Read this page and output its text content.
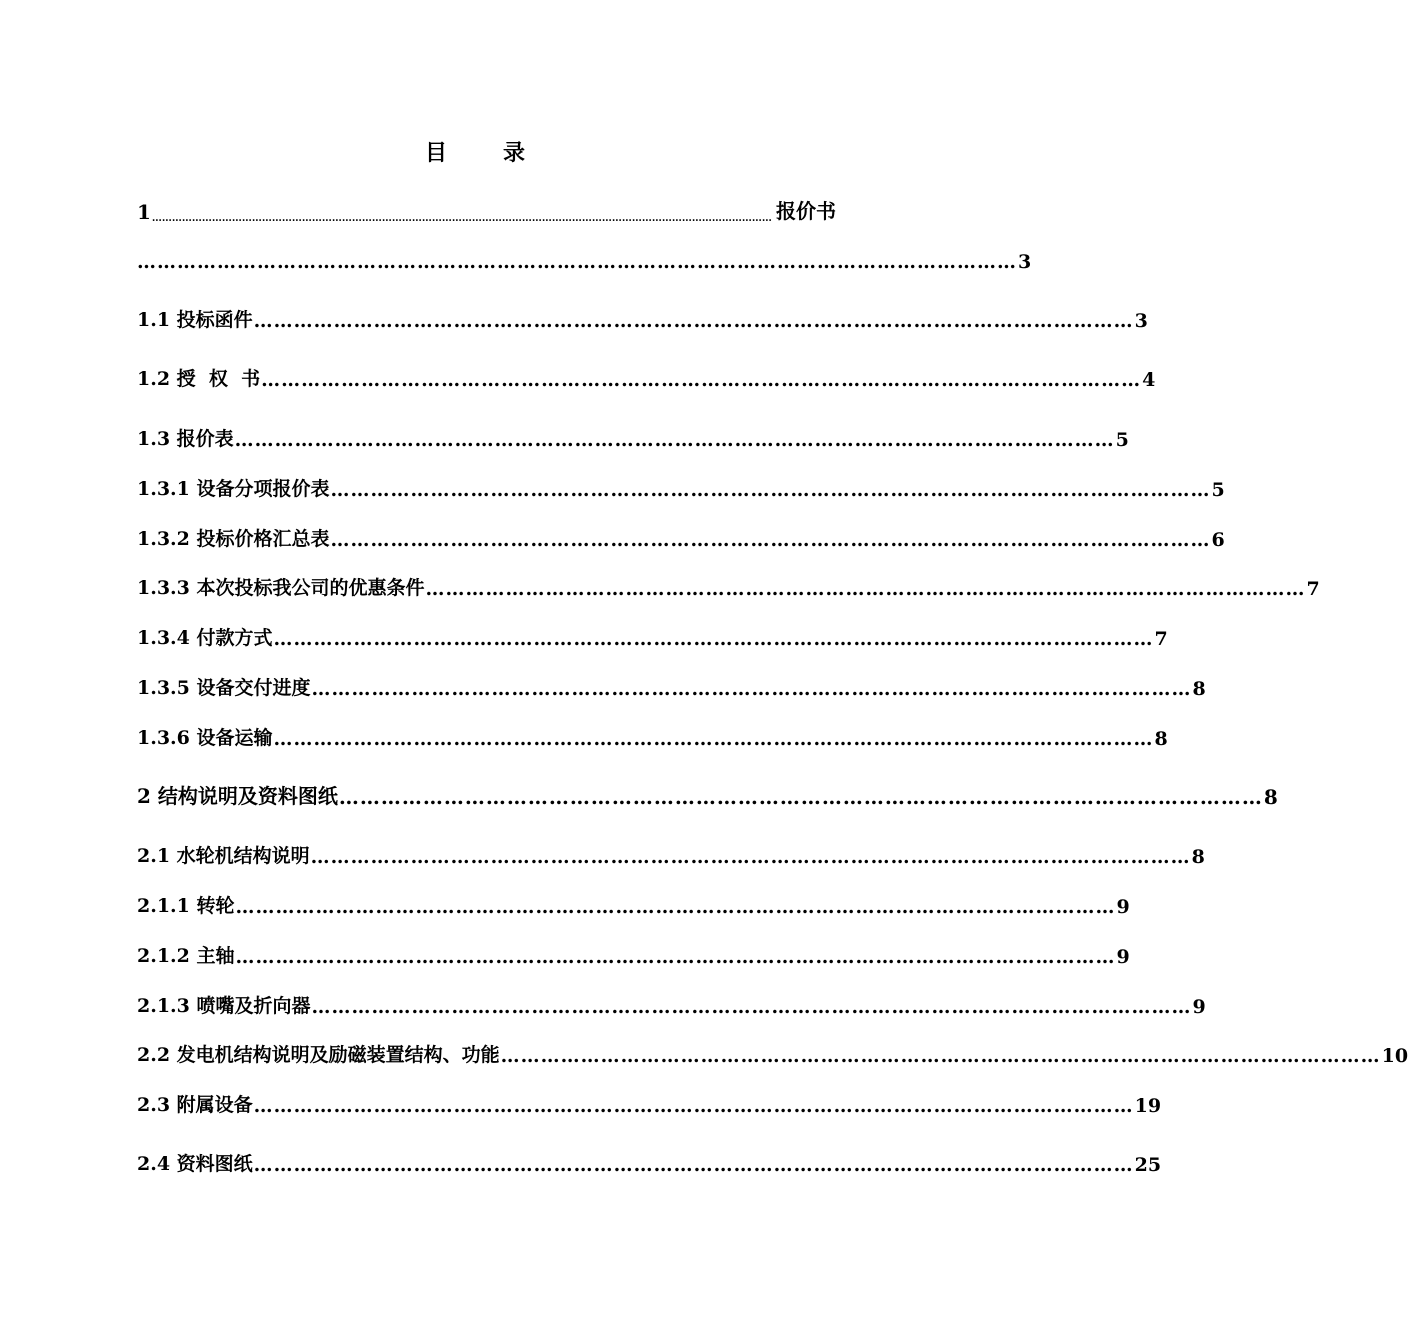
目录
1 …………………………………………………………………………………………………………………………………………………………………… 报价书
…………………………………………………………………………………………………………………… 3
1.1 投标函件 …………………………………………………………………………………………………………………… 3
1.2 授  权  书 …………………………………………………………………………………………………………………… 4
1.3 报价表 …………………………………………………………………………………………………………………… 5
1.3.1 设备分项报价表 …………………………………………………………………………………………………………………… 5
1.3.2 投标价格汇总表 …………………………………………………………………………………………………………………… 6
1.3.3 本次投标我公司的优惠条件 …………………………………………………………………………………………………………………… 7
1.3.4 付款方式 …………………………………………………………………………………………………………………… 7
1.3.5 设备交付进度 …………………………………………………………………………………………………………………… 8
1.3.6 设备运输 …………………………………………………………………………………………………………………… 8
2 结构说明及资料图纸 …………………………………………………………………………………………………………………… 8
2.1 水轮机结构说明 …………………………………………………………………………………………………………………… 8
2.1.1 转轮 …………………………………………………………………………………………………………………… 9
2.1.2 主轴 …………………………………………………………………………………………………………………… 9
2.1.3 喷嘴及折向器 …………………………………………………………………………………………………………………… 9
2.2 发电机结构说明及励磁装置结构、功能 …………………………………………………………………………………………………………………… 10
2.3 附属设备 …………………………………………………………………………………………………………………… 19
2.4 资料图纸 …………………………………………………………………………………………………………………… 25
